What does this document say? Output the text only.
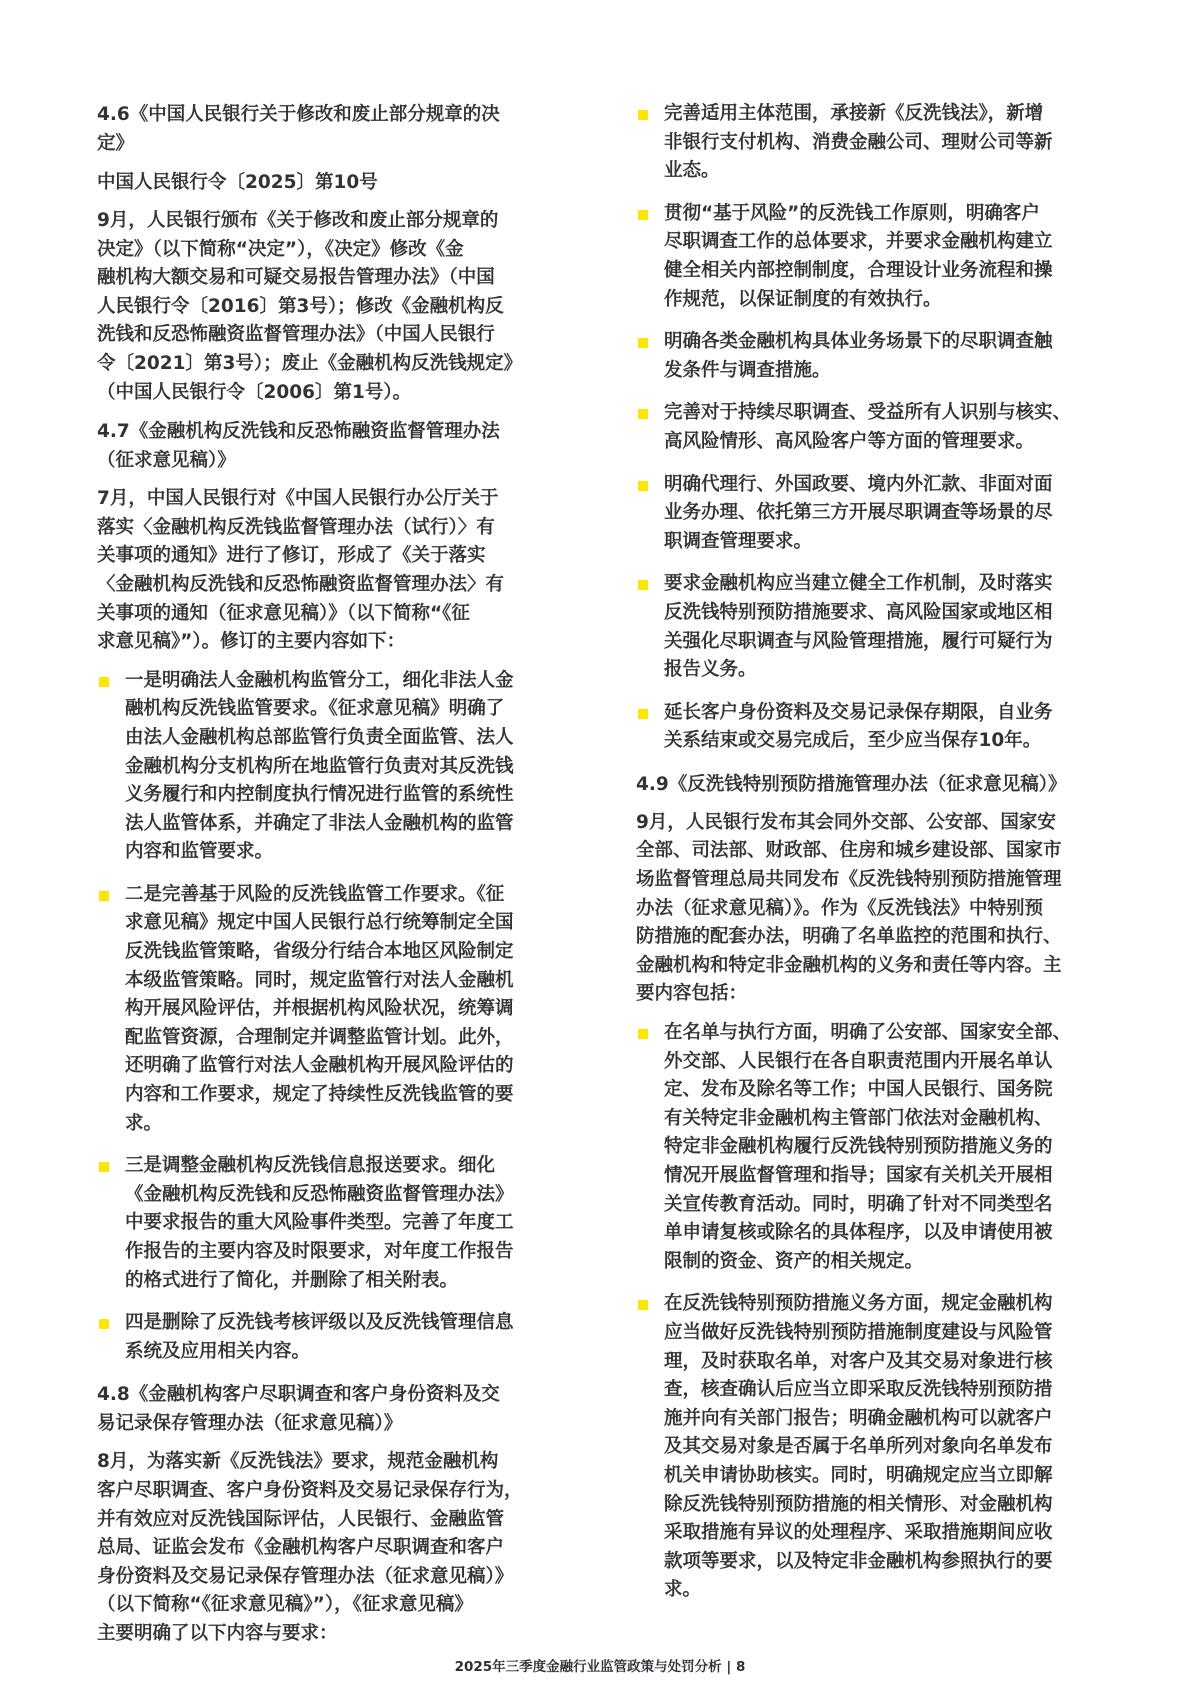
4.6《中国人民银行关于修改和废止部分规章的决
定》
中国人民银行令〔2025〕第10号
9月，人民银行颁布《关于修改和废止部分规章的
决定》（以下简称“决定”），《决定》修改《金
融机构大额交易和可疑交易报告管理办法》（中国
人民银行令〔2016〕第3号）；修改《金融机构反
洗钱和反恐怖融资监督管理办法》（中国人民银行
令〔2021〕第3号）；废止《金融机构反洗钱规定》
（中国人民银行令〔2006〕第1号）。
4.7《金融机构反洗钱和反恐怖融资监督管理办法
（征求意见稿）》
7月，中国人民银行对《中国人民银行办公厅关于
落实〈金融机构反洗钱监督管理办法（试行）〉有
关事项的通知》进行了修订，形成了《关于落实
〈金融机构反洗钱和反恐怖融资监督管理办法〉有
关事项的通知（征求意见稿）》（以下简称“《征
求意见稿》”）。修订的主要内容如下：
一是明确法人金融机构监管分工，细化非法人金
融机构反洗钱监管要求。《征求意见稿》明确了
由法人金融机构总部监管行负责全面监管、法人
金融机构分支机构所在地监管行负责对其反洗钱
义务履行和内控制度执行情况进行监管的系统性
法人监管体系，并确定了非法人金融机构的监管
内容和监管要求。
二是完善基于风险的反洗钱监管工作要求。《征
求意见稿》规定中国人民银行总行统筹制定全国
反洗钱监管策略，省级分行结合本地区风险制定
本级监管策略。同时，规定监管行对法人金融机
构开展风险评估，并根据机构风险状况，统筹调
配监管资源，合理制定并调整监管计划。此外，
还明确了监管行对法人金融机构开展风险评估的
内容和工作要求，规定了持续性反洗钱监管的要
求。
三是调整金融机构反洗钱信息报送要求。细化
《金融机构反洗钱和反恐怖融资监督管理办法》
中要求报告的重大风险事件类型。完善了年度工
作报告的主要内容及时限要求，对年度工作报告
的格式进行了简化，并删除了相关附表。
四是删除了反洗钱考核评级以及反洗钱管理信息
系统及应用相关内容。
4.8《金融机构客户尽职调查和客户身份资料及交
易记录保存管理办法（征求意见稿）》
8月，为落实新《反洗钱法》要求，规范金融机构
客户尽职调查、客户身份资料及交易记录保存行为，
并有效应对反洗钱国际评估，人民银行、金融监管
总局、证监会发布《金融机构客户尽职调查和客户
身份资料及交易记录保存管理办法（征求意见稿）》
（以下简称“《征求意见稿》”），《征求意见稿》
主要明确了以下内容与要求：
完善适用主体范围，承接新《反洗钱法》，新增
非银行支付机构、消费金融公司、理财公司等新
业态。
贯彻“基于风险”的反洗钱工作原则，明确客户
尽职调查工作的总体要求，并要求金融机构建立
健全相关内部控制制度，合理设计业务流程和操
作规范，以保证制度的有效执行。
明确各类金融机构具体业务场景下的尽职调查触
发条件与调查措施。
完善对于持续尽职调查、受益所有人识别与核实、
高风险情形、高风险客户等方面的管理要求。
明确代理行、外国政要、境内外汇款、非面对面
业务办理、依托第三方开展尽职调查等场景的尽
职调查管理要求。
要求金融机构应当建立健全工作机制，及时落实
反洗钱特别预防措施要求、高风险国家或地区相
关强化尽职调查与风险管理措施，履行可疑行为
报告义务。
延长客户身份资料及交易记录保存期限，自业务
关系结束或交易完成后，至少应当保存10年。
4.9《反洗钱特别预防措施管理办法（征求意见稿）》
9月，人民银行发布其会同外交部、公安部、国家安
全部、司法部、财政部、住房和城乡建设部、国家市
场监督管理总局共同发布《反洗钱特别预防措施管理
办法（征求意见稿）》。作为《反洗钱法》中特别预
防措施的配套办法，明确了名单监控的范围和执行、
金融机构和特定非金融机构的义务和责任等内容。主
要内容包括：
在名单与执行方面，明确了公安部、国家安全部、
外交部、人民银行在各自职责范围内开展名单认
定、发布及除名等工作；中国人民银行、国务院
有关特定非金融机构主管部门依法对金融机构、
特定非金融机构履行反洗钱特别预防措施义务的
情况开展监督管理和指导；国家有关机关开展相
关宣传教育活动。同时，明确了针对不同类型名
单申请复核或除名的具体程序，以及申请使用被
限制的资金、资产的相关规定。
在反洗钱特别预防措施义务方面，规定金融机构
应当做好反洗钱特别预防措施制度建设与风险管
理，及时获取名单，对客户及其交易对象进行核
查，核查确认后应当立即采取反洗钱特别预防措
施并向有关部门报告；明确金融机构可以就客户
及其交易对象是否属于名单所列对象向名单发布
机关申请协助核实。同时，明确规定应当立即解
除反洗钱特别预防措施的相关情形、对金融机构
采取措施有异议的处理程序、采取措施期间应收
款项等要求，以及特定非金融机构参照执行的要
求。
2025年三季度金融行业监管政策与处罚分析 | 8
